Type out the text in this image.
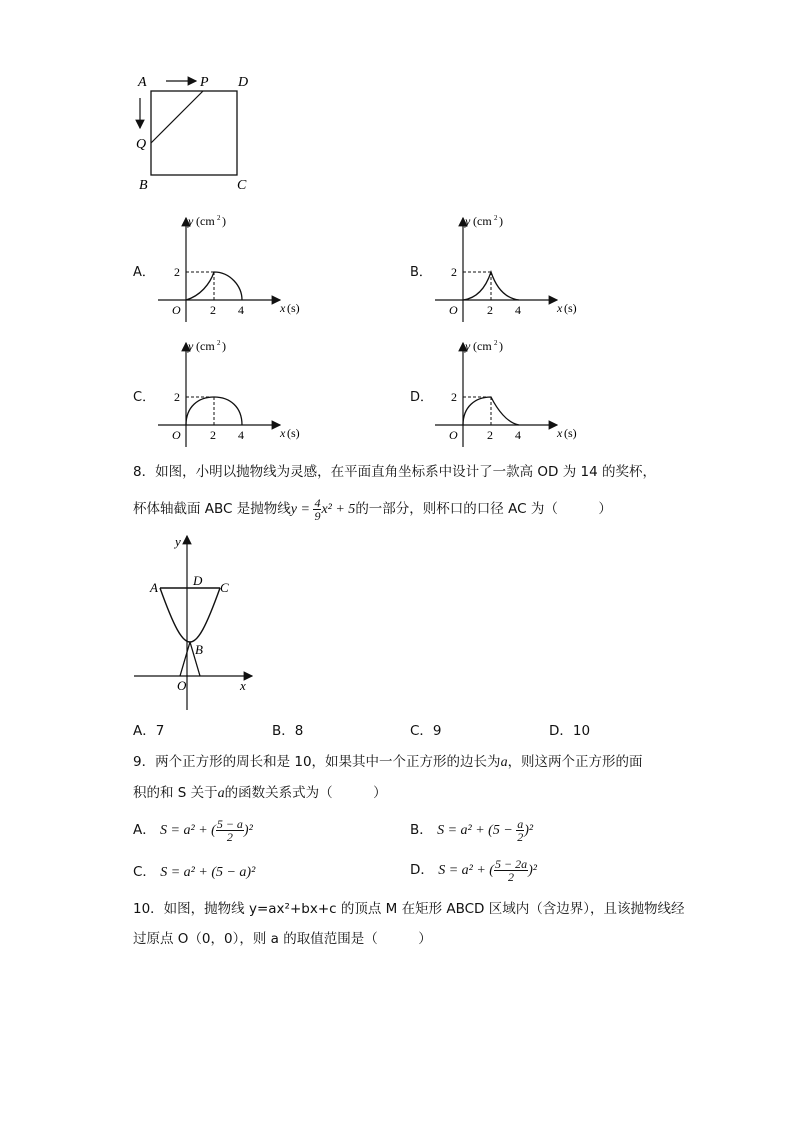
A	P D
Q
B	C
A．	B．
C．	D．
y (cm 2 )
2
O 2 4	x (s)
y (cm 2 )
2
O 2 4	x (s)
y (cm 2 )
2
O 2 4	x (s)
y (cm 2 )
2
O 2 4	x (s)
8．如图，小明以抛物线为灵感，在平面直角坐标系中设计了一款高 OD 为 14 的奖杯，
杯体轴截面 ABC 是抛物线$y = \frac{4}{9} x^2 + 5$的一部分，则杯口的口径 AC 为（　　　）
y
A	D C
B
O	x
A．7	B．8	C．9	D．10
9．两个正方形的周长和是 10，如果其中一个正方形的边长为a，则这两个正方形的面
积的和 S 关于a的函数关系式为（　　　）
A． S = a² + ( $\frac{5 - a}{2} )^2$	B． $S = a^2 + (5 - \frac{a}{2} )^2$
C． S = a² + (5 − a)²	D． S = a² + ( $\frac{5 - 2a}{2} )^2$
10．如图，抛物线 y=ax²+bx+c 的顶点 M 在矩形 ABCD 区域内（含边界），且该抛物线经
过原点 O（0，0），则 a 的取值范围是（　　　）
